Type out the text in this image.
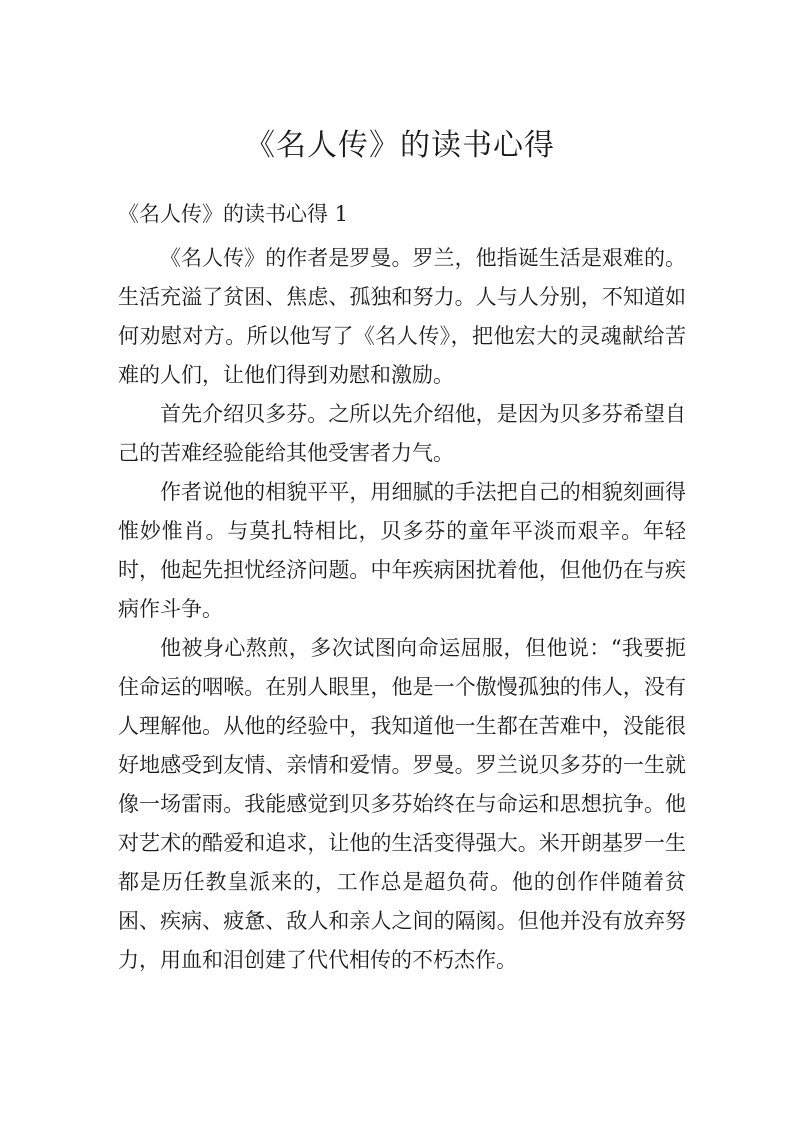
《名人传》的读书心得
《名人传》的读书心得 1

《名人传》的作者是罗曼。罗兰，他指诞生活是艰难的。生活充溢了贫困、焦虑、孤独和努力。人与人分别，不知道如何劝慰对方。所以他写了《名人传》，把他宏大的灵魂献给苦难的人们，让他们得到劝慰和激励。

首先介绍贝多芬。之所以先介绍他，是因为贝多芬希望自己的苦难经验能给其他受害者力气。

作者说他的相貌平平，用细腻的手法把自己的相貌刻画得惟妙惟肖。与莫扎特相比，贝多芬的童年平淡而艰辛。年轻时，他起先担忧经济问题。中年疾病困扰着他，但他仍在与疾病作斗争。

他被身心熬煎，多次试图向命运屈服，但他说：“我要扼住命运的咽喉。在别人眼里，他是一个傲慢孤独的伟人，没有人理解他。从他的经验中，我知道他一生都在苦难中，没能很好地感受到友情、亲情和爱情。罗曼。罗兰说贝多芬的一生就像一场雷雨。我能感觉到贝多芬始终在与命运和思想抗争。他对艺术的酷爱和追求，让他的生活变得强大。米开朗基罗一生都是历任教皇派来的，工作总是超负荷。他的创作伴随着贫困、疾病、疲惫、敌人和亲人之间的隔阂。但他并没有放弃努力，用血和泪创建了代代相传的不朽杰作。
